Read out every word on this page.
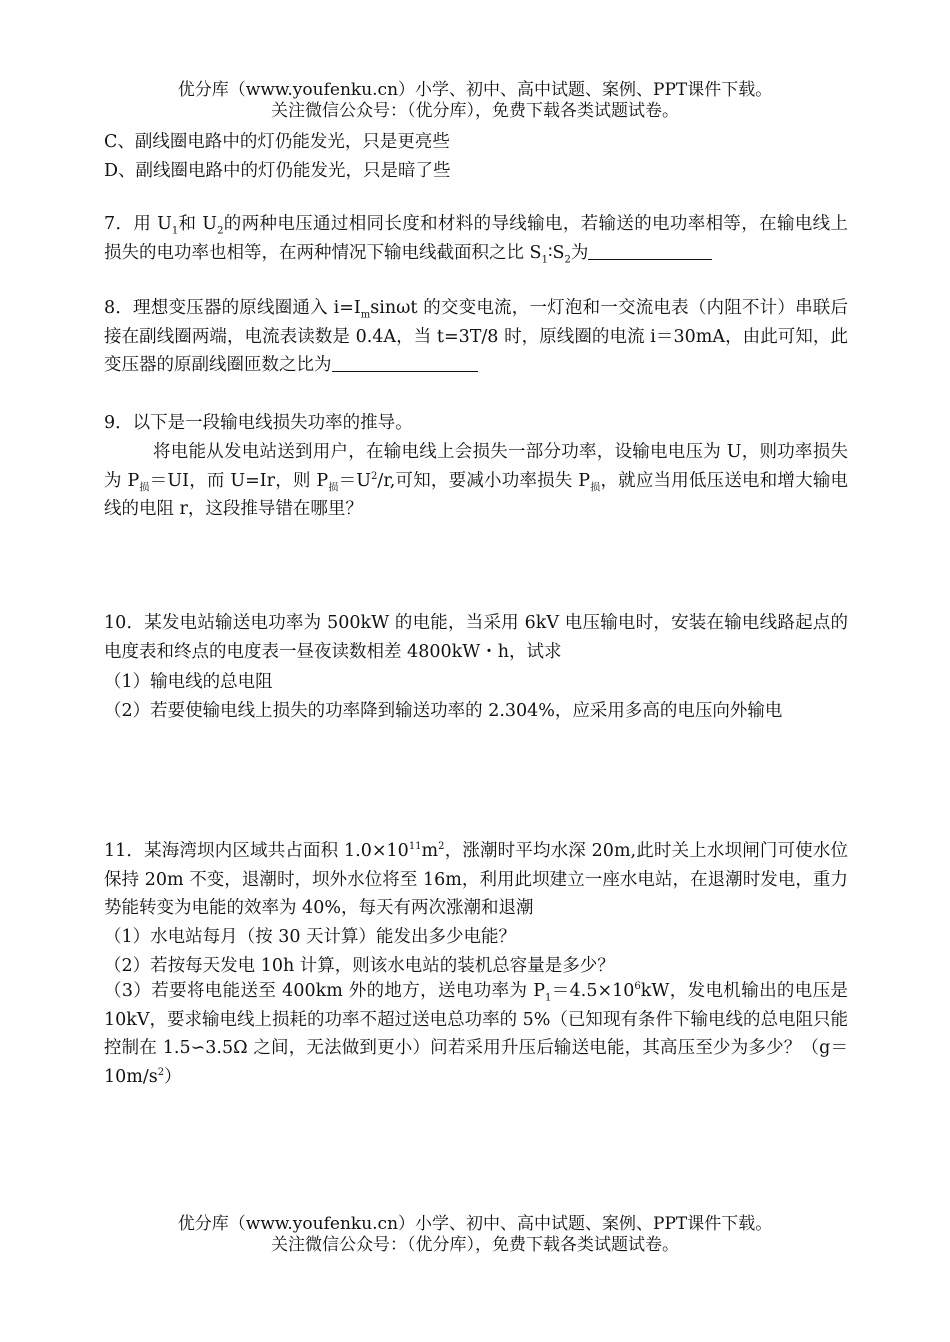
优分库（www.youfenku.cn）小学、初中、高中试题、案例、PPT课件下载。
关注微信公众号：（优分库），免费下载各类试题试卷。
C、副线圈电路中的灯仍能发光，只是更亮些
D、副线圈电路中的灯仍能发光，只是暗了些
7．用 $U_1$和 $U_2$的两种电压通过相同长度和材料的导线输电，若输送的电功率相等，在输电线上损失的电功率也相等，在两种情况下输电线截面积之比 $S_1∶S_2$为
8．理想变压器的原线圈通入 $i=I_m\sin\omega t$ 的交变电流，一灯泡和一交流电表（内阻不计）串联后接在副线圈两端，电流表读数是 0.4A，当 t=3T/8 时，原线圈的电流 i＝30mA，由此可知，此变压器的原副线圈匝数之比为
9．以下是一段输电线损失功率的推导。
将电能从发电站送到用户，在输电线上会损失一部分功率，设输电电压为 U，则功率损失为 $P_损=UI$，而 U=Ir，则 $P_损=U^2/r$,可知，要减小功率损失 $P_损$，就应当用低压送电和增大输电线的电阻 r，这段推导错在哪里？
10．某发电站输送电功率为 500kW 的电能，当采用 6kV 电压输电时，安装在输电线路起点的电度表和终点的电度表一昼夜读数相差 4800kW・h，试求
（1）输电线的总电阻
（2）若要使输电线上损失的功率降到输送功率的 2.304%，应采用多高的电压向外输电
11．某海湾坝内区域共占面积 $1.0\times 10^{11}m^2$，涨潮时平均水深 20m,此时关上水坝闸门可使水位保持 20m 不变，退潮时，坝外水位将至 16m，利用此坝建立一座水电站，在退潮时发电，重力势能转变为电能的效率为 40%，每天有两次涨潮和退潮
（1）水电站每月（按 30 天计算）能发出多少电能？
（2）若按每天发电 10h 计算，则该水电站的装机总容量是多少？
（3）若要将电能送至 400km 外的地方，送电功率为 $P_1=4.5\times 10^6kW$，发电机输出的电压是 10kV，要求输电线上损耗的功率不超过送电总功率的 5%（已知现有条件下输电线的总电阻只能控制在 1.5∽3.5Ω 之间，无法做到更小）问若采用升压后输送电能，其高压至少为多少？$(g=10m/s^2)$
优分库（www.youfenku.cn）小学、初中、高中试题、案例、PPT课件下载。
关注微信公众号：（优分库），免费下载各类试题试卷。
